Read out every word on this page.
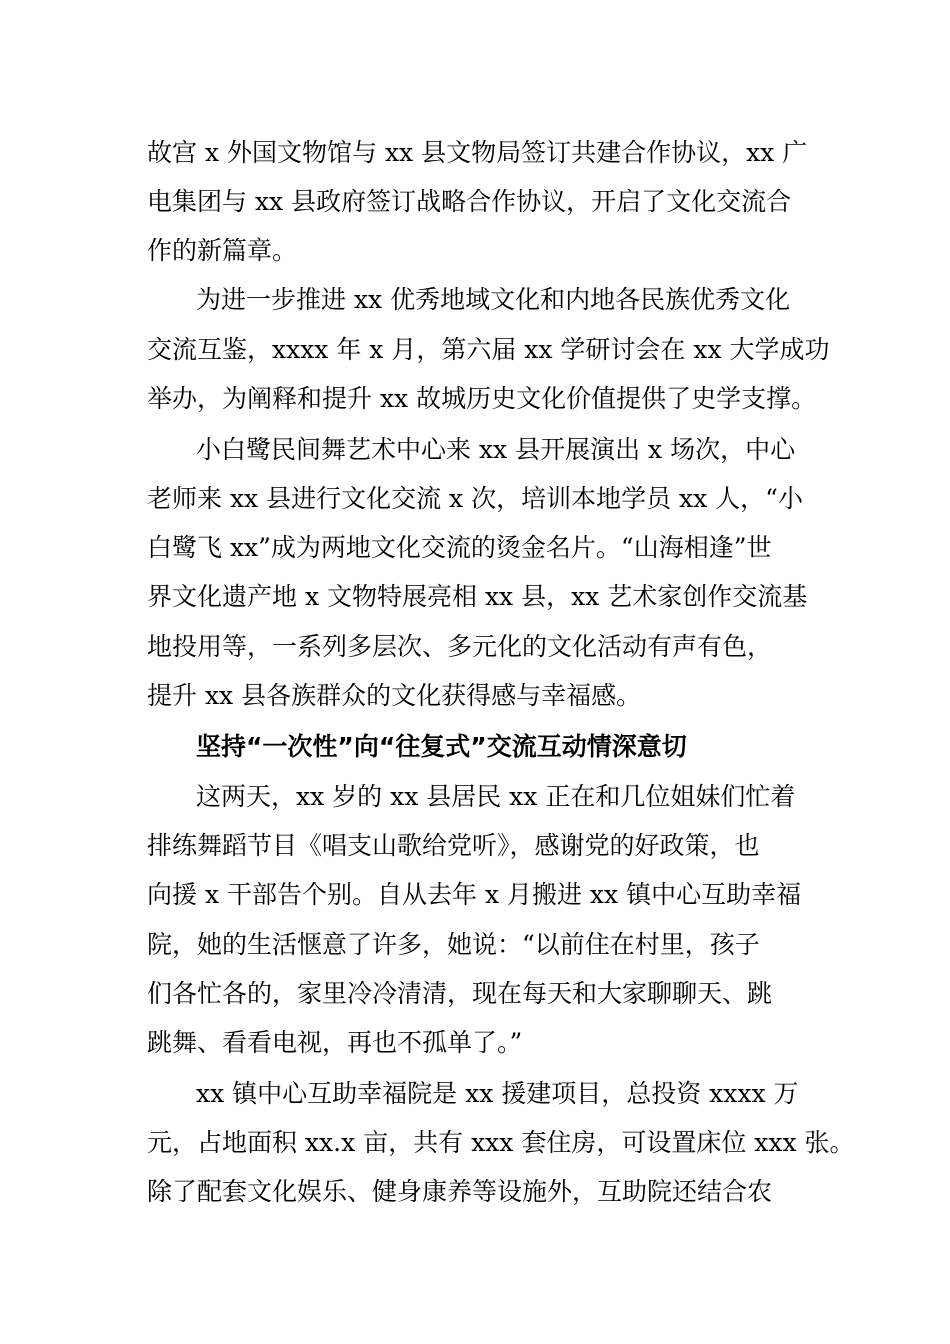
故宫 x 外国文物馆与 xx 县文物局签订共建合作协议，xx 广
电集团与 xx 县政府签订战略合作协议，开启了文化交流合
作的新篇章。
为进一步推进 xx 优秀地域文化和内地各民族优秀文化
交流互鉴，xxxx 年 x 月，第六届 xx 学研讨会在 xx 大学成功
举办，为阐释和提升 xx 故城历史文化价值提供了史学支撑。
小白鹭民间舞艺术中心来 xx 县开展演出 x 场次，中心
老师来 xx 县进行文化交流 x 次，培训本地学员 xx 人，“小
白鹭飞 xx”成为两地文化交流的烫金名片。“山海相逢”世
界文化遗产地 x 文物特展亮相 xx 县，xx 艺术家创作交流基
地投用等，一系列多层次、多元化的文化活动有声有色，
提升 xx 县各族群众的文化获得感与幸福感。
坚持“一次性”向“往复式”交流互动情深意切
这两天，xx 岁的 xx 县居民 xx 正在和几位姐妹们忙着
排练舞蹈节目《唱支山歌给党听》，感谢党的好政策，也
向援 x 干部告个别。自从去年 x 月搬进 xx 镇中心互助幸福
院，她的生活惬意了许多，她说：“以前住在村里，孩子
们各忙各的，家里冷冷清清，现在每天和大家聊聊天、跳
跳舞、看看电视，再也不孤单了。”
xx 镇中心互助幸福院是 xx 援建项目，总投资 xxxx 万
元，占地面积 xx.x 亩，共有 xxx 套住房，可设置床位 xxx 张。
除了配套文化娱乐、健身康养等设施外，互助院还结合农
